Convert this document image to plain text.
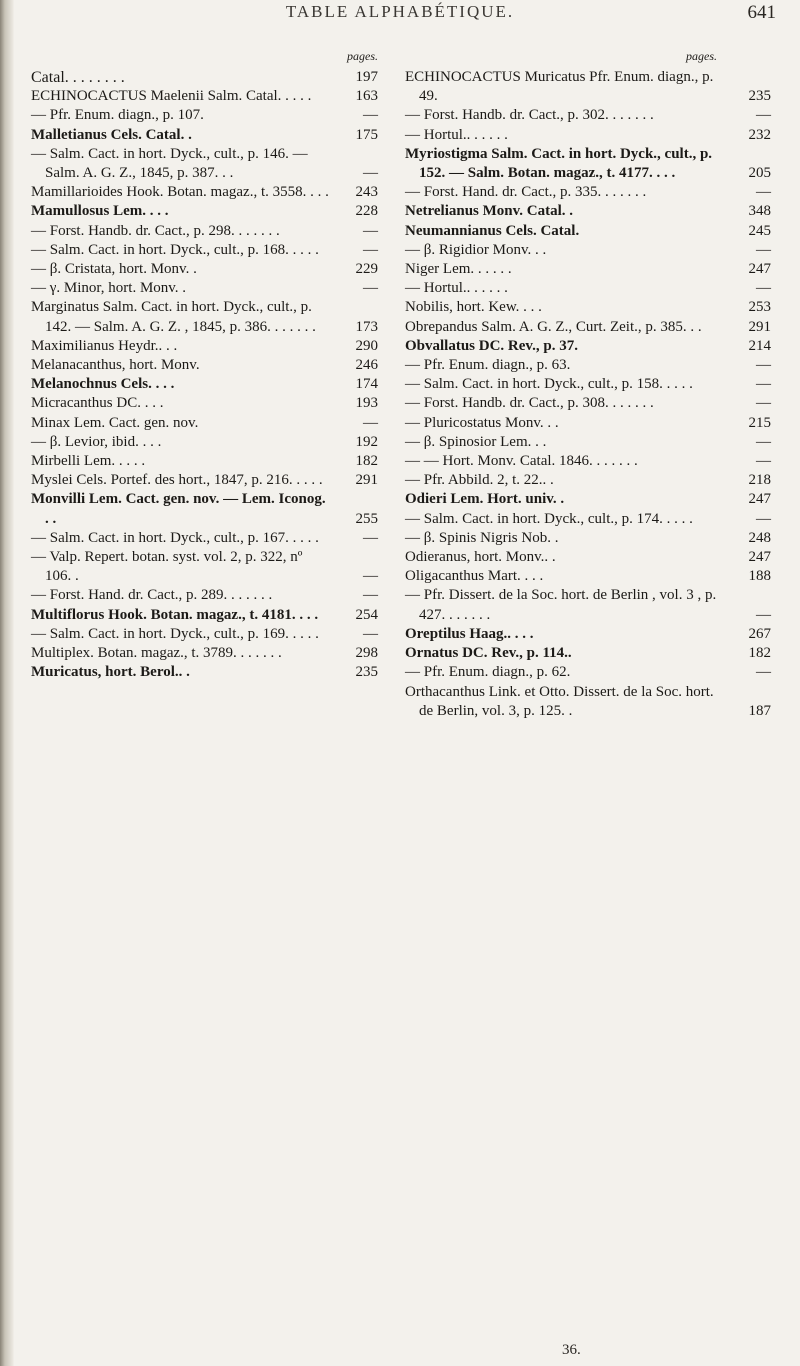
TABLE ALPHABÉTIQUE.	641
pages.
Catal. . . . . . . .	197
ECHINOCACTUS Maelenii Salm. Catal. . . . .	163
— Pfr. Enum. diagn., p. 107.	—
Malletianus Cels. Catal. .	175
— Salm. Cact. in hort. Dyck., cult., p. 146. — Salm. A. G. Z., 1845, p. 387. . .	—
Mamillarioides Hook. Botan. magaz., t. 3558. . . .	243
Mamullosus Lem. . . .	228
— Forst. Handb. dr. Cact., p. 298. . . . . . .	—
— Salm. Cact. in hort. Dyck., cult., p. 168. . . . .	—
— β. Cristata, hort. Monv. .	229
— γ. Minor, hort. Monv. .	—
Marginatus Salm. Cact. in hort. Dyck., cult., p. 142. — Salm. A. G. Z. , 1845, p. 386. . . . . . .	173
Maximilianus Heydr.. . .	290
Melanacanthus, hort. Monv.	246
Melanochnus Cels. . . .	174
Micracanthus DC. . . .	193
Minax Lem. Cact. gen. nov.	—
— β. Levior, ibid. . . .	192
Mirbelli Lem. . . . .	182
Myslei Cels. Portef. des hort., 1847, p. 216. . . . .	291
Monvilli Lem. Cact. gen. nov. — Lem. Iconog. . .	255
— Salm. Cact. in hort. Dyck., cult., p. 167. . . . .	—
— Valp. Repert. botan. syst. vol. 2, p. 322, nº 106. .	—
— Forst. Hand. dr. Cact., p. 289. . . . . . .	—
Multiflorus Hook. Botan. magaz., t. 4181. . . .	254
— Salm. Cact. in hort. Dyck., cult., p. 169. . . . .	—
Multiplex. Botan. magaz., t. 3789. . . . . . .	298
Muricatus, hort. Berol.. .	235
pages.
ECHINOCACTUS Muricatus Pfr. Enum. diagn., p. 49.	235
— Forst. Handb. dr. Cact., p. 302. . . . . . .	—
— Hortul.. . . . . .	232
Myriostigma Salm. Cact. in hort. Dyck., cult., p. 152. — Salm. Botan. magaz., t. 4177. . . .	205
— Forst. Hand. dr. Cact., p. 335. . . . . . .	—
Netrelianus Monv. Catal. .	348
Neumannianus Cels. Catal.	245
— β. Rigidior Monv. . .	—
Niger Lem. . . . . .	247
— Hortul.. . . . . .	—
Nobilis, hort. Kew. . . .	253
Obrepandus Salm. A. G. Z., Curt. Zeit., p. 385. . .	291
Obvallatus DC. Rev., p. 37.	214
— Pfr. Enum. diagn., p. 63.	—
— Salm. Cact. in hort. Dyck., cult., p. 158. . . . .	—
— Forst. Handb. dr. Cact., p. 308. . . . . . .	—
— Pluricostatus Monv. . .	215
— β. Spinosior Lem. . .	—
— — Hort. Monv. Catal. 1846. . . . . . .	—
— Pfr. Abbild. 2, t. 22.. .	218
Odieri Lem. Hort. univ. .	247
— Salm. Cact. in hort. Dyck., cult., p. 174. . . . .	—
— β. Spinis Nigris Nob. .	248
Odieranus, hort. Monv.. .	247
Oligacanthus Mart. . . .	188
— Pfr. Dissert. de la Soc. hort. de Berlin , vol. 3 , p. 427. . . . . . .	—
Oreptilus Haag.. . . .	267
Ornatus DC. Rev., p. 114..	182
— Pfr. Enum. diagn., p. 62.	—
Orthacanthus Link. et Otto. Dissert. de la Soc. hort. de Berlin, vol. 3, p. 125. .	187
36.
